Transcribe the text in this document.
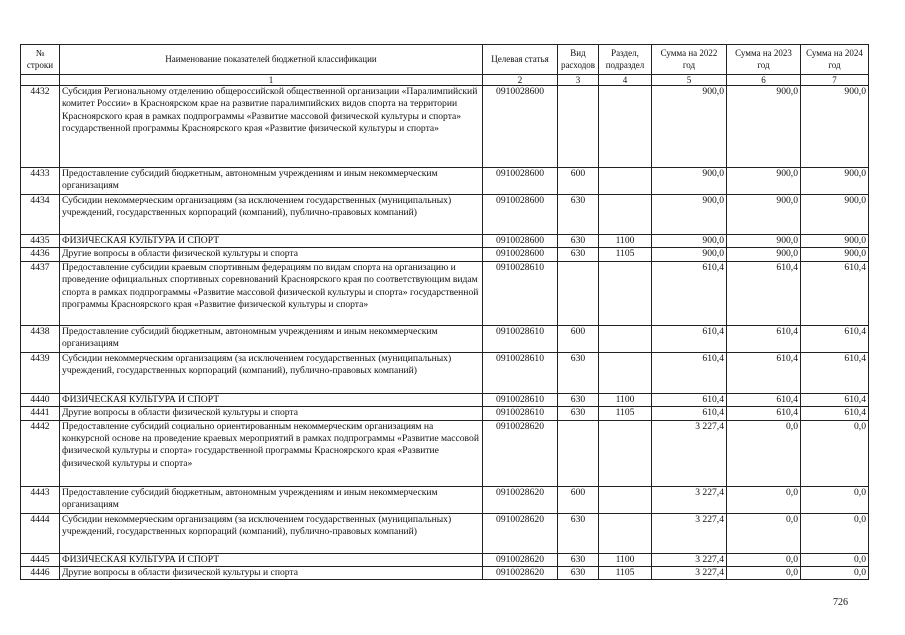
№ строки	Наименование показателей бюджетной классификации	Целевая статья	Вид расходов	Раздел, подраздел	Сумма на 2022 год	Сумма на 2023 год	Сумма на 2024 год
	1	2	3	4	5	6	7
4432	Субсидия Региональному отделению общероссийской общественной организации «Паралимпийский комитет России» в Красноярском крае на развитие паралимпийских видов спорта на территории Красноярского края в рамках подпрограммы «Развитие массовой физической культуры и спорта» государственной программы Красноярского края «Развитие физической культуры и спорта»	0910028600			900,0	900,0	900,0
4433	Предоставление субсидий бюджетным, автономным учреждениям и иным некоммерческим организациям	0910028600	600		900,0	900,0	900,0
4434	Субсидии некоммерческим организациям (за исключением государственных (муниципальных) учреждений, государственных корпораций (компаний), публично-правовых компаний)	0910028600	630		900,0	900,0	900,0
4435	ФИЗИЧЕСКАЯ КУЛЬТУРА И СПОРТ	0910028600	630	1100	900,0	900,0	900,0
4436	Другие вопросы в области физической культуры и спорта	0910028600	630	1105	900,0	900,0	900,0
4437	Предоставление субсидии краевым спортивным федерациям по видам спорта на организацию и проведение официальных спортивных соревнований Красноярского края по соответствующим видам спорта в рамках подпрограммы «Развитие массовой физической культуры и спорта» государственной программы Красноярского края «Развитие физической культуры и спорта»	0910028610			610,4	610,4	610,4
4438	Предоставление субсидий бюджетным, автономным учреждениям и иным некоммерческим организациям	0910028610	600		610,4	610,4	610,4
4439	Субсидии некоммерческим организациям (за исключением государственных (муниципальных) учреждений, государственных корпораций (компаний), публично-правовых компаний)	0910028610	630		610,4	610,4	610,4
4440	ФИЗИЧЕСКАЯ КУЛЬТУРА И СПОРТ	0910028610	630	1100	610,4	610,4	610,4
4441	Другие вопросы в области физической культуры и спорта	0910028610	630	1105	610,4	610,4	610,4
4442	Предоставление субсидий социально ориентированным некоммерческим организациям на конкурсной основе на проведение краевых мероприятий в рамках подпрограммы «Развитие массовой физической культуры и спорта» государственной программы Красноярского края «Развитие физической культуры и спорта»	0910028620			3 227,4	0,0	0,0
4443	Предоставление субсидий бюджетным, автономным учреждениям и иным некоммерческим организациям	0910028620	600		3 227,4	0,0	0,0
4444	Субсидии некоммерческим организациям (за исключением государственных (муниципальных) учреждений, государственных корпораций (компаний), публично-правовых компаний)	0910028620	630		3 227,4	0,0	0,0
4445	ФИЗИЧЕСКАЯ КУЛЬТУРА И СПОРТ	0910028620	630	1100	3 227,4	0,0	0,0
4446	Другие вопросы в области физической культуры и спорта	0910028620	630	1105	3 227,4	0,0	0,0
726
